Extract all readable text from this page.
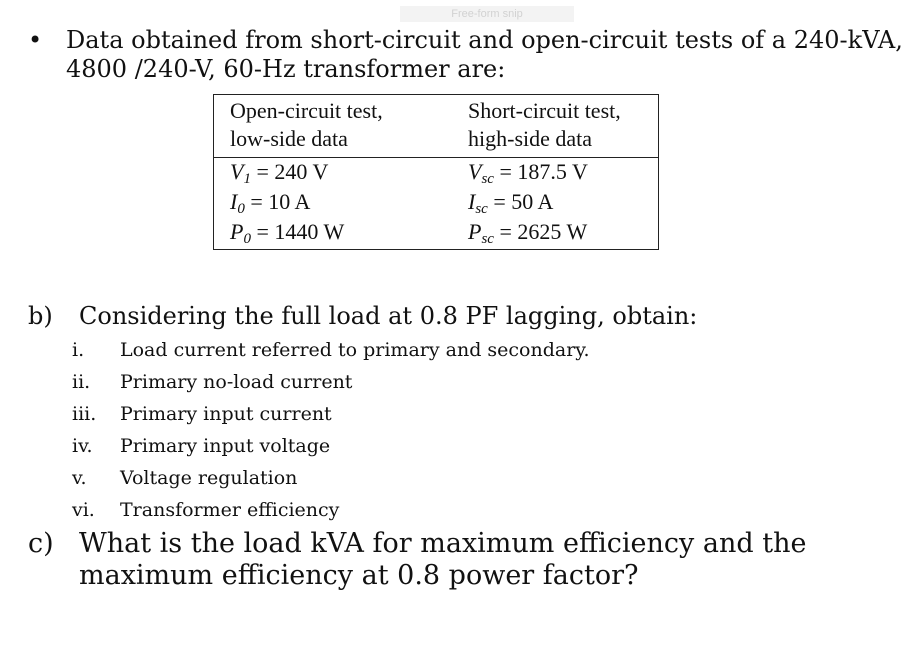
Free-form snip
• Data obtained from short-circuit and open-circuit tests of a 240-kVA,
4800 /240-V, 60-Hz transformer are:
Open-circuit test,
low-side data
Short-circuit test,
high-side data
$V_1 = 240$ V
$I_0 = 10$ A
$P_0 = 1440$ W
$V_{sc} = 187.5$ V
$I_{sc} = 50$ A
$P_{sc} = 2625$ W
b) Considering the full load at 0.8 PF lagging, obtain:
i. Load current referred to primary and secondary.
ii. Primary no-load current
iii. Primary input current
iv. Primary input voltage
v. Voltage regulation
vi. Transformer efficiency
c) What is the load kVA for maximum efficiency and the
maximum efficiency at 0.8 power factor?
